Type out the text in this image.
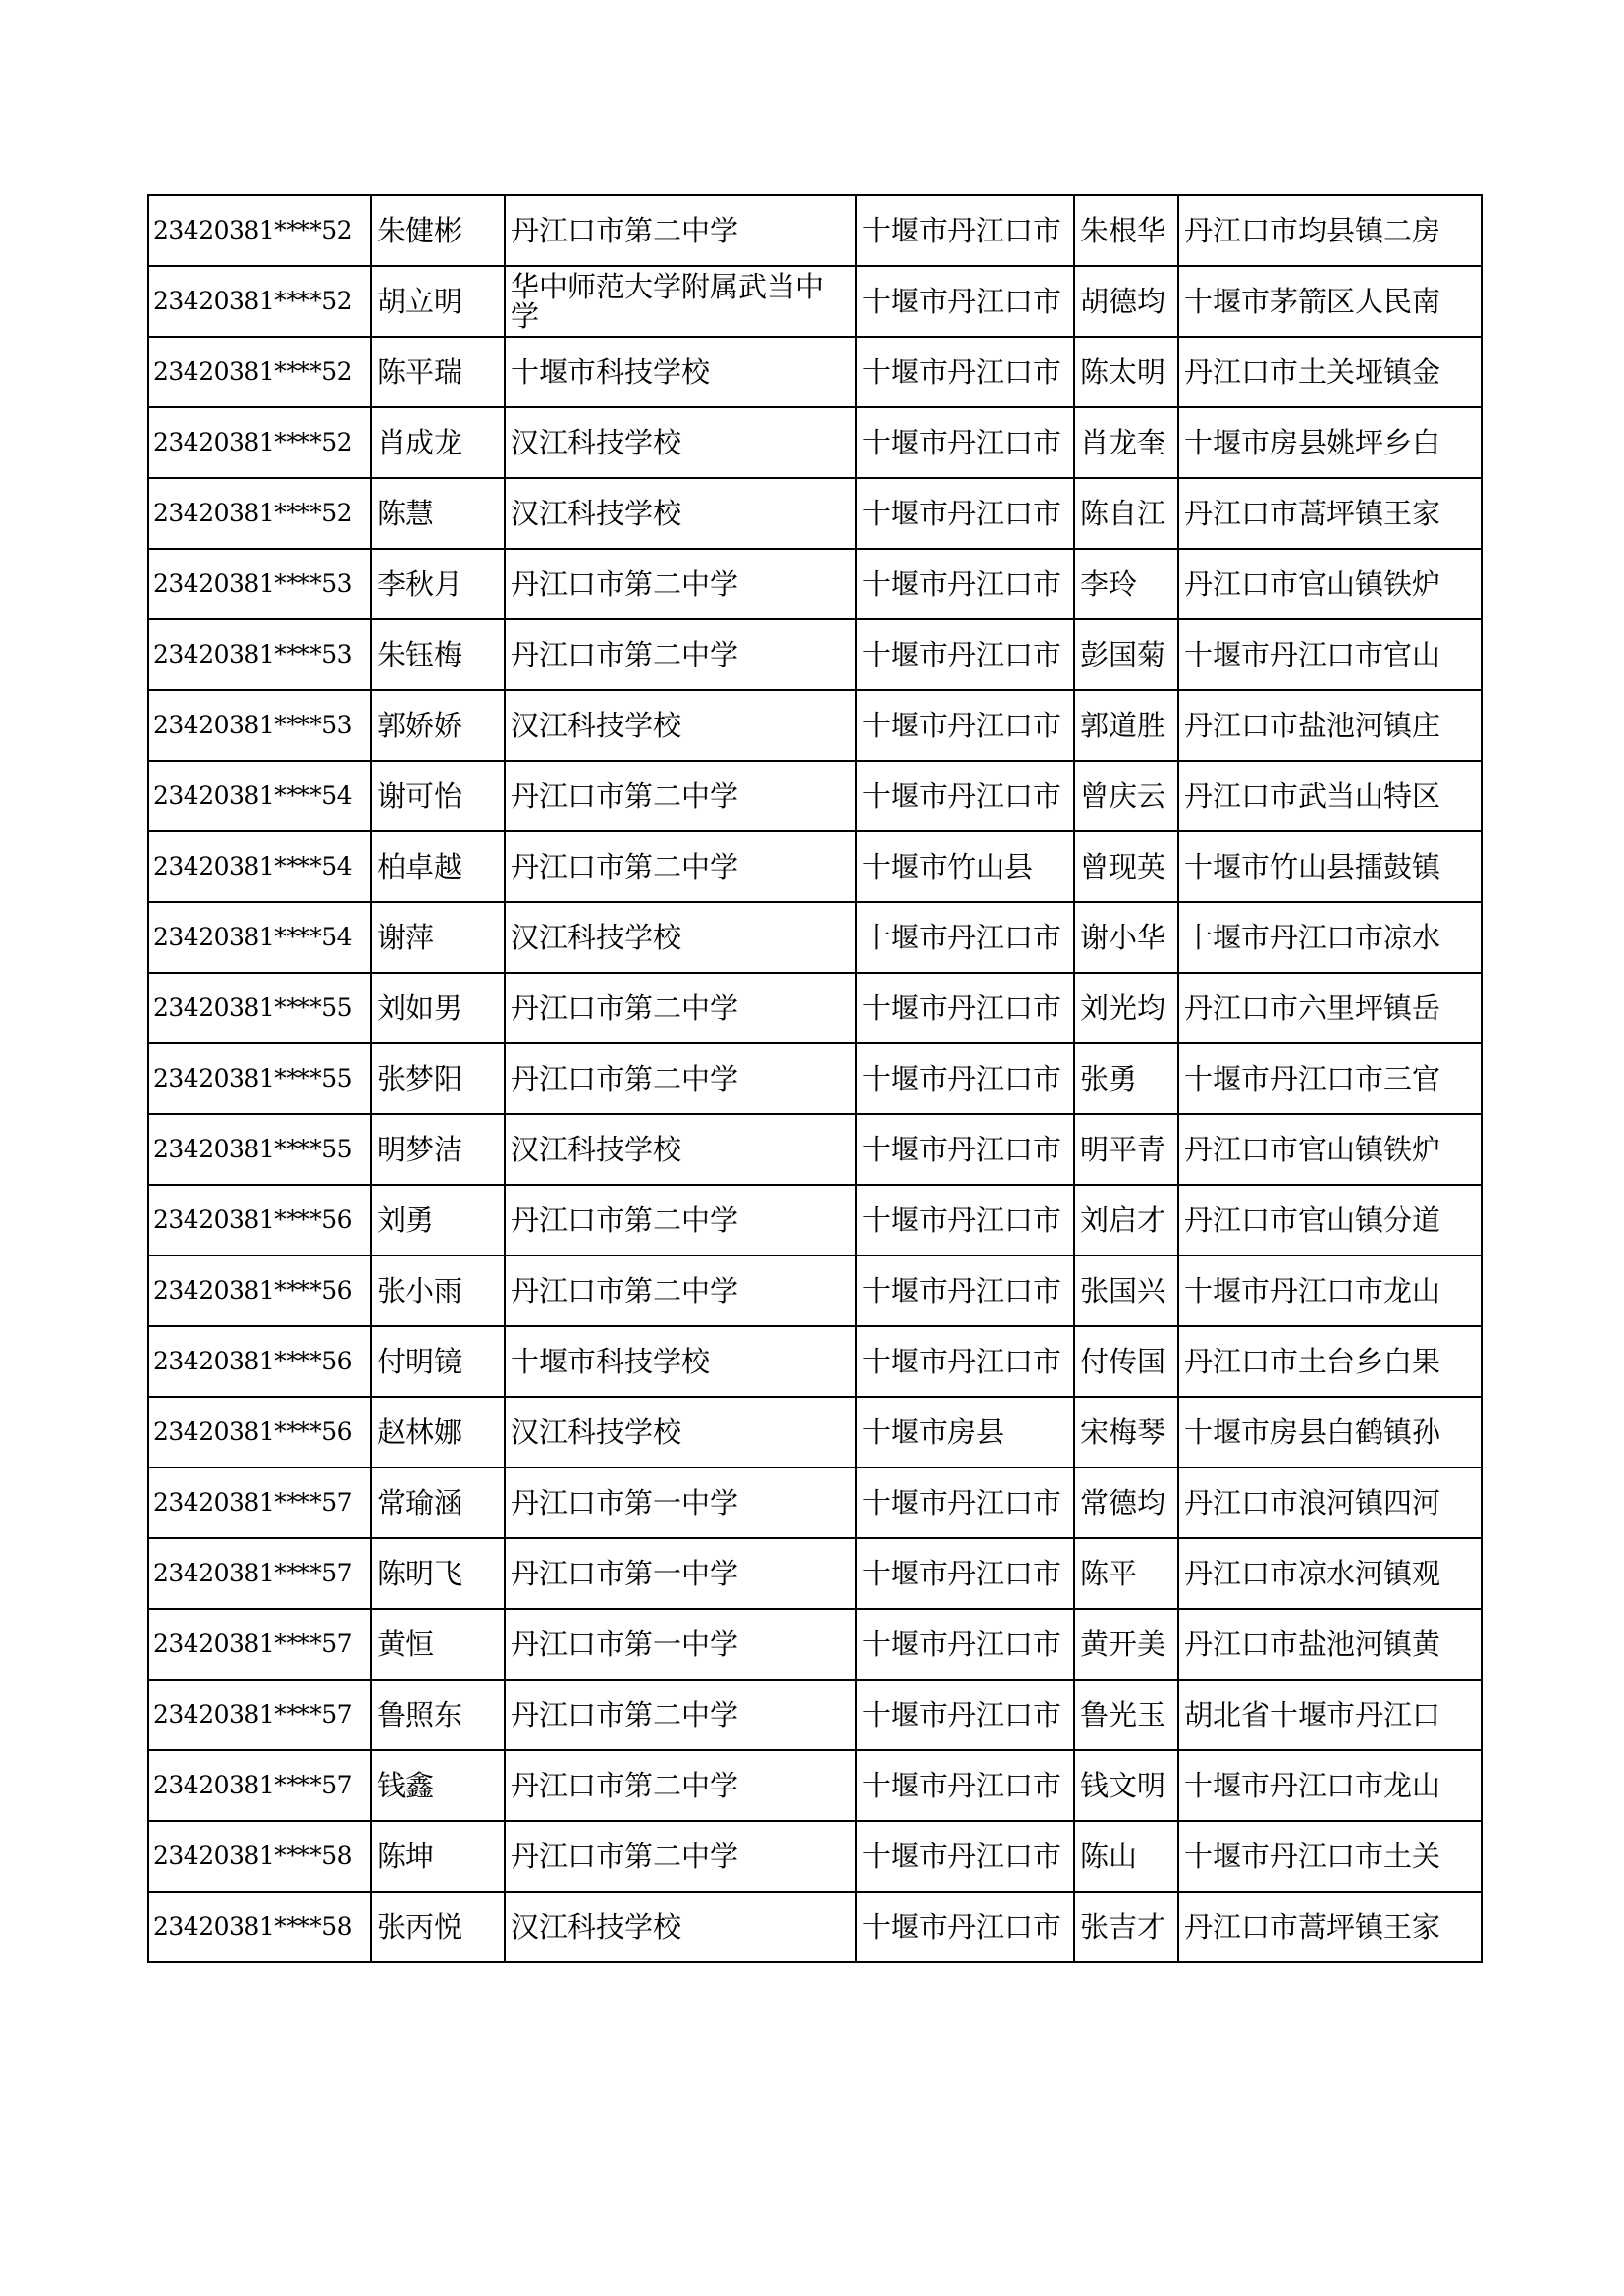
23420381****52	朱健彬	丹江口市第二中学	十堰市丹江口市	朱根华	丹江口市均县镇二房
23420381****52	胡立明	华中师范大学附属武当中学	十堰市丹江口市	胡德均	十堰市茅箭区人民南
23420381****52	陈平瑞	十堰市科技学校	十堰市丹江口市	陈太明	丹江口市土关垭镇金
23420381****52	肖成龙	汉江科技学校	十堰市丹江口市	肖龙奎	十堰市房县姚坪乡白
23420381****52	陈慧	汉江科技学校	十堰市丹江口市	陈自江	丹江口市蒿坪镇王家
23420381****53	李秋月	丹江口市第二中学	十堰市丹江口市	李玲	丹江口市官山镇铁炉
23420381****53	朱钰梅	丹江口市第二中学	十堰市丹江口市	彭国菊	十堰市丹江口市官山
23420381****53	郭娇娇	汉江科技学校	十堰市丹江口市	郭道胜	丹江口市盐池河镇庄
23420381****54	谢可怡	丹江口市第二中学	十堰市丹江口市	曾庆云	丹江口市武当山特区
23420381****54	柏卓越	丹江口市第二中学	十堰市竹山县	曾现英	十堰市竹山县擂鼓镇
23420381****54	谢萍	汉江科技学校	十堰市丹江口市	谢小华	十堰市丹江口市凉水
23420381****55	刘如男	丹江口市第二中学	十堰市丹江口市	刘光均	丹江口市六里坪镇岳
23420381****55	张梦阳	丹江口市第二中学	十堰市丹江口市	张勇	十堰市丹江口市三官
23420381****55	明梦洁	汉江科技学校	十堰市丹江口市	明平青	丹江口市官山镇铁炉
23420381****56	刘勇	丹江口市第二中学	十堰市丹江口市	刘启才	丹江口市官山镇分道
23420381****56	张小雨	丹江口市第二中学	十堰市丹江口市	张国兴	十堰市丹江口市龙山
23420381****56	付明镜	十堰市科技学校	十堰市丹江口市	付传国	丹江口市土台乡白果
23420381****56	赵林娜	汉江科技学校	十堰市房县	宋梅琴	十堰市房县白鹤镇孙
23420381****57	常瑜涵	丹江口市第一中学	十堰市丹江口市	常德均	丹江口市浪河镇四河
23420381****57	陈明飞	丹江口市第一中学	十堰市丹江口市	陈平	丹江口市凉水河镇观
23420381****57	黄恒	丹江口市第一中学	十堰市丹江口市	黄开美	丹江口市盐池河镇黄
23420381****57	鲁照东	丹江口市第二中学	十堰市丹江口市	鲁光玉	胡北省十堰市丹江口
23420381****57	钱鑫	丹江口市第二中学	十堰市丹江口市	钱文明	十堰市丹江口市龙山
23420381****58	陈坤	丹江口市第二中学	十堰市丹江口市	陈山	十堰市丹江口市土关
23420381****58	张丙悦	汉江科技学校	十堰市丹江口市	张吉才	丹江口市蒿坪镇王家
